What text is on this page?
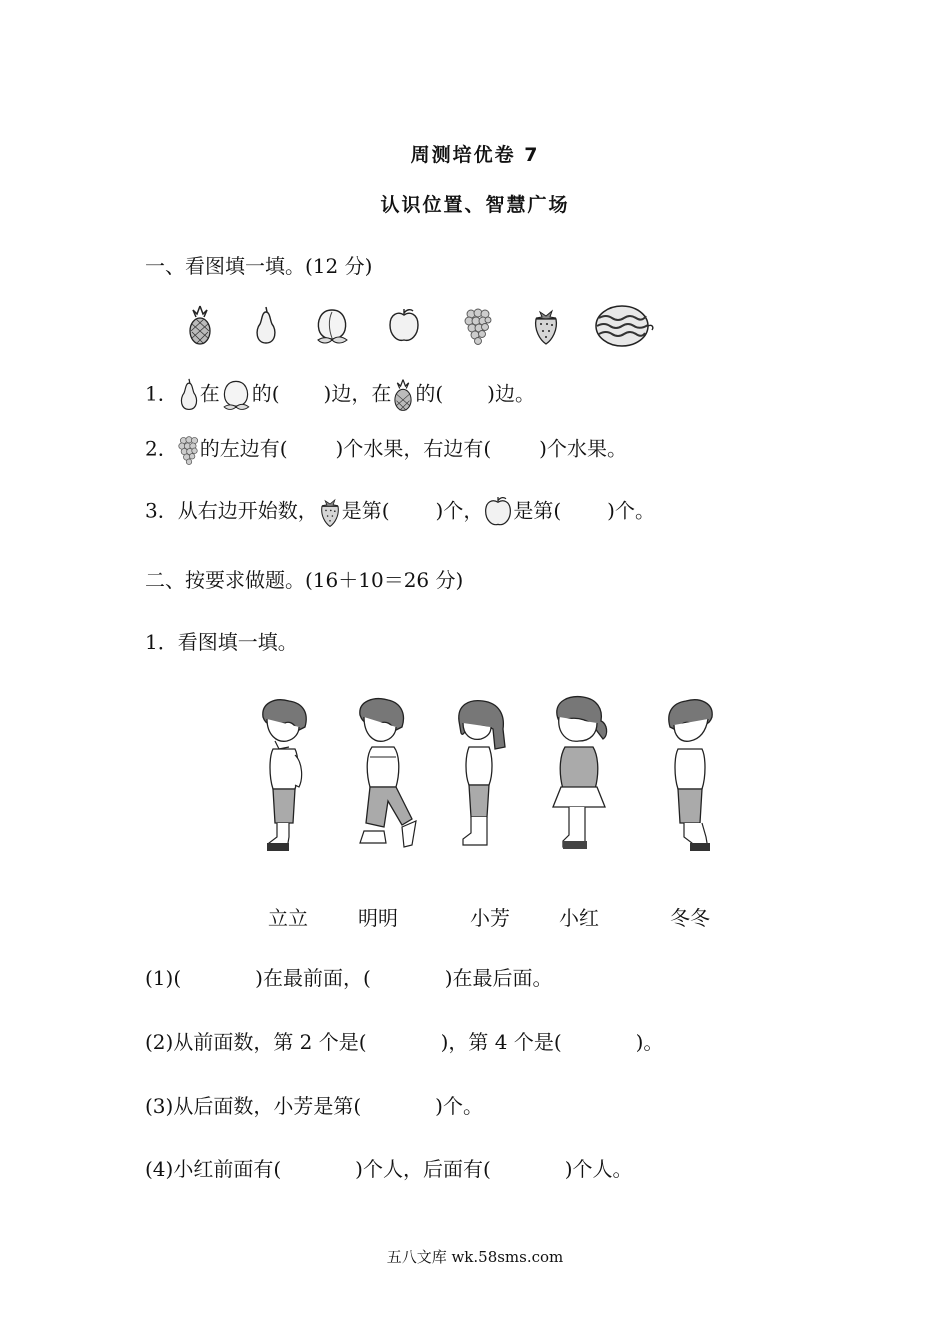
周测培优卷 7
认识位置、智慧广场
一、看图填一填。(12 分)
1． 在 的( )边，在 的( )边。
2． 的左边有( )个水果，右边有( )个水果。
3．从右边开始数， 是第( )个， 是第( )个。
二、按要求做题。(16＋10＝26 分)
1．看图填一填。
立立	明明	小芳 小红	冬冬
(1)(	)在最前面，(	)在最后面。
(2)从前面数，第 2 个是(	)，第 4 个是(	)。
(3)从后面数，小芳是第(	)个。
(4)小红前面有(	)个人，后面有(	)个人。
五八文库 wk.58sms.com
